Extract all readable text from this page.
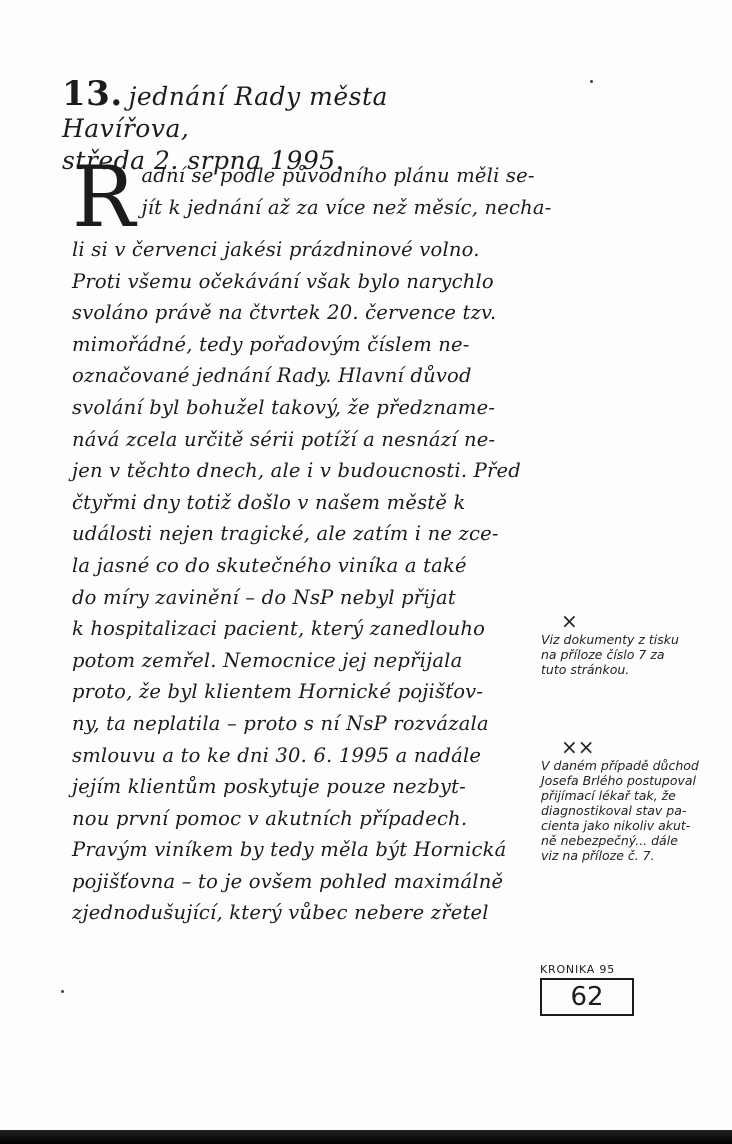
13. jednání Rady města Havířova,
středa 2. srpna 1995.
R adní se podle původního plánu měli se-
jít k jednání až za více než měsíc, necha-
li si v červenci jakési prázdninové volno.
Proti všemu očekávání však bylo narychlo
svoláno právě na čtvrtek 20. července tzv.
mimořádné, tedy pořadovým číslem ne-
označované jednání Rady. Hlavní důvod
svolání byl bohužel takový, že předzname-
nává zcela určitě sérii potíží a nesnází ne-
jen v těchto dnech, ale i v budoucnosti. Před
čtyřmi dny totiž došlo v našem městě k
události nejen tragické, ale zatím i ne zce-
la jasné co do skutečného viníka a také
do míry zavinění – do NsP nebyl přijat
k hospitalizaci pacient, který zanedlouho
potom zemřel. Nemocnice jej nepřijala
proto, že byl klientem Hornické pojišťov-
ny, ta neplatila – proto s ní NsP rozvázala
smlouvu a to ke dni 30. 6. 1995 a nadále
jejím klientům poskytuje pouze nezbyt-
nou první pomoc v akutních případech.
Pravým viníkem by tedy měla být Hornická
pojišťovna – to je ovšem pohled maximálně
zjednodušující, který vůbec nebere zřetel
×
Viz dokumenty z tisku
na příloze číslo 7 za
tuto stránkou.
××
V daném případě důchod
Josefa Brlého postupoval
přijímací lékař tak, že
diagnostikoval stav pa-
cienta jako nikoliv akut-
ně nebezpečný... dále
viz na příloze č. 7.
KRONIKA 95
62
